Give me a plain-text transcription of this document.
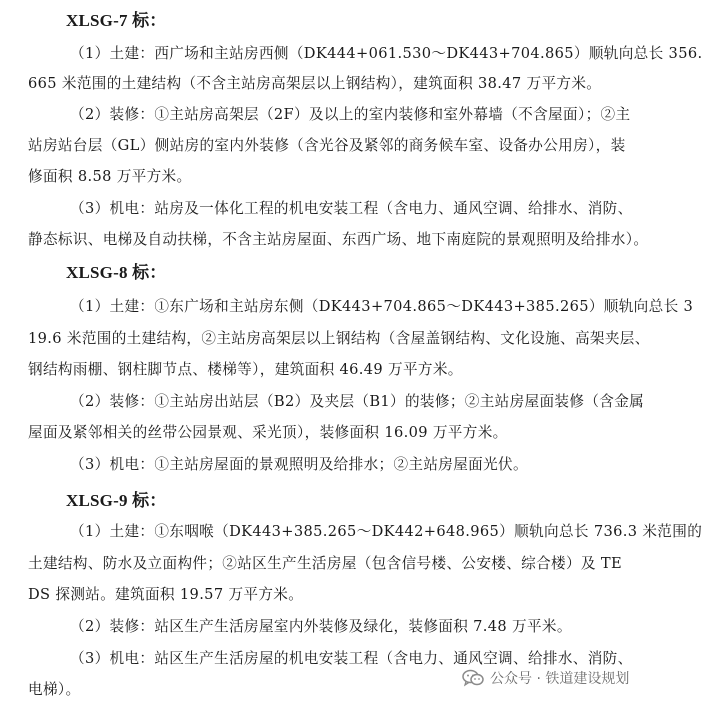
XLSG-7 标：
（1）土建：西广场和主站房西侧（DK444+061.530～DK443+704.865）顺轨向总长 356.
665 米范围的土建结构（不含主站房高架层以上钢结构），建筑面积 38.47 万平方米。
（2）装修：①主站房高架层（2F）及以上的室内装修和室外幕墙（不含屋面）；②主
站房站台层（GL）侧站房的室内外装修（含光谷及紧邻的商务候车室、设备办公用房），装
修面积 8.58 万平方米。
（3）机电：站房及一体化工程的机电安装工程（含电力、通风空调、给排水、消防、
静态标识、电梯及自动扶梯，不含主站房屋面、东西广场、地下南庭院的景观照明及给排水）。
XLSG-8 标：
（1）土建：①东广场和主站房东侧（DK443+704.865～DK443+385.265）顺轨向总长 3
19.6 米范围的土建结构，②主站房高架层以上钢结构（含屋盖钢结构、文化设施、高架夹层、
钢结构雨棚、钢柱脚节点、楼梯等），建筑面积 46.49 万平方米。
（2）装修：①主站房出站层（B2）及夹层（B1）的装修；②主站房屋面装修（含金属
屋面及紧邻相关的丝带公园景观、采光顶），装修面积 16.09 万平方米。
（3）机电：①主站房屋面的景观照明及给排水；②主站房屋面光伏。
XLSG-9 标：
（1）土建：①东咽喉（DK443+385.265～DK442+648.965）顺轨向总长 736.3 米范围的
土建结构、防水及立面构件；②站区生产生活房屋（包含信号楼、公安楼、综合楼）及 TE
DS 探测站。建筑面积 19.57 万平方米。
（2）装修：站区生产生活房屋室内外装修及绿化，装修面积 7.48 万平米。
（3）机电：站区生产生活房屋的机电安装工程（含电力、通风空调、给排水、消防、
电梯）。
公众号 · 铁道建设规划
